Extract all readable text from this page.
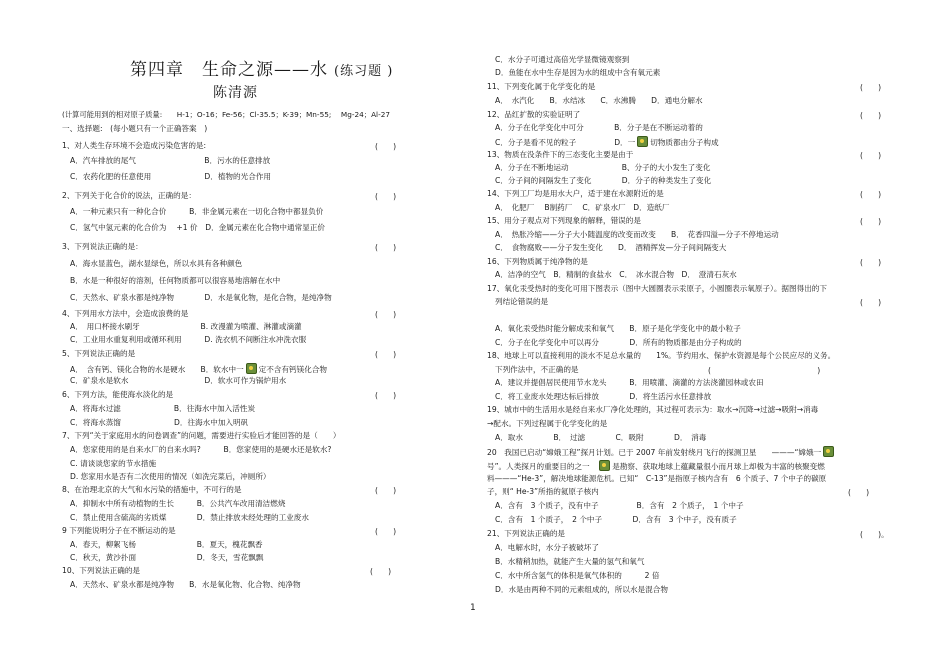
第四章　生命之源——水 (练习题 )
陈清源
(计算可能用到的相对原子质量:　　H-1；O-16；Fe-56；Cl-35.5；K-39；Mn-55;　 Mg-24；Al-27
一、选择题:　(每小题只有一个正确答案　)
1、对人类生存环境不会造成污染危害的是:	(　　)
A．汽车排放的尾气　　　　　　　　　B．污水的任意排放
C．农药化肥的任意使用　　　　　　　D．植物的光合作用
2、下列关于化合价的说法，正确的是：	(　　)
A．一种元素只有一种化合价　　　B．非金属元素在一切化合物中都显负价
C．氢气中氢元素的化合价为　 +1 价　D．金属元素在化合物中通常显正价
3、下列说法正确的是：	(　　)
A．海水显蓝色，湖水显绿色，所以水具有各种颜色
B．水是一种很好的溶剂，任何物质都可以很容易地溶解在水中
C．天然水、矿泉水都是纯净物　　　　D．水是氧化物，是化合物，是纯净物
4、下列用水方法中，会造成浪费的是	(　　)
A．　用口杯接水刷牙　　　　　　　　B. 改漫灌为喷灌、淋灌或滴灌
C．工业用水重复利用或循环利用　　　D. 洗衣机不间断注水冲洗衣服
5、下列说法正确的是	(　　)
A．　含有钙、镁化合物的水是硬水　　B．软水中一 定不含有钙镁化合物
C．矿泉水是软水　　　　　　　　　　D．软水可作为锅炉用水
6、下列方法，能使海水淡化的是	(　　)
A．将海水过滤　　　　　　　B．往海水中加入活性炭
C．将海水蒸馏　　　　　　　D．往海水中加入明矾
7、下列“关于家庭用水的问卷调查”的问题，需要进行实验后才能回答的是（　　）
A．您家使用的是自来水厂的自来水吗?　　　B．您家使用的是硬水还是软水?
C. 请谈谈您家的节水措施
D. 您家用水是否有二次使用的情况（如洗完菜后，冲厕所）
8、在治理北京的大气和水污染的措施中，不可行的是	(　　)
A．抑制水中所有动植物的生长　　　B．公共汽车改用清洁燃烧
C．禁止使用含硫高的劣质煤　　　　D．禁止排放未经处理的工业废水
9 下列能说明分子在不断运动的是	(　　)
A．春天，柳絮飞杨　　　　　　　　B．夏天，槐花飘香
C．秋天，黄沙扑面　　　　　　　　D．冬天，雪花飘飘
10、下列说法正确的是	(　　)
A．天然水、矿泉水都是纯净物　　B．水是氧化物、化合物、纯净物
C．水分子可通过高倍光学显微镜观察到
D．鱼能在水中生存是因为水的组成中含有氧元素
11、下列变化属于化学变化的是	(　　)
A．　水汽化　　B．水结冰　　C．水沸腾　　D．通电分解水
12、品红扩散的实验证明了	(　　)
A．分子在化学变化中可分　　　　B．分子是在不断运动着的
C．分子是看不见的粒子　　　　　D．一 切物质都由分子构成
13、物质在没条件下的三态变化主要是由于	(　　)
A．分子在不断地运动　　　　　　　B、分子的大小发生了变化
C．分子间的间隔发生了变化　　　　D．分子的种类发生了变化
14、下列工厂均是用水大户，适于建在水源附近的是	(　　)
A．　化肥厂　 B制药厂　 C．矿泉水厂　D．造纸厂
15、用分子观点对下列现象的解释，错误的是	(　　)
A．　热胀冷缩——分子大小随温度的改变而改变　　B．　花香四溢—分子不停地运动
C．　食物腐败——分子发生变化　　D．　酒精挥发—分子间间隔变大
16、下列物质属于纯净物的是	(　　)
A．洁净的空气　B．精制的食盐水　C．　冰水混合物　D．　澄清石灰水
17、氧化汞受热时的变化可用下图表示（图中大圆圈表示汞原子，小圆圈表示氧原子）。据图得出的下
列结论错误的是	(　　)
A．氧化汞受热时能分解成汞和氧气　　B．原子是化学变化中的最小粒子
C．分子在化学变化中可以再分　　　　D．所有的物质都是由分子构成的
18、地球上可以直接利用的淡水不足总水量的　　1%。节约用水、保护水资源是每个公民应尽的义务。
下列作法中，不正确的是	(　　　　　　　　　　　　　　)
A．建议并提倡居民使用节水龙头　　　B．用喷灌、滴灌的方法浇灌园林或农田
C．将工业废水处理达标后排放　　　　D．将生活污水任意排放
19、城市中的生活用水是经自来水厂净化处理的，其过程可表示为：取水→沉降→过滤→吸附→消毒
→配水。下列过程属于化学变化的是
A．取水　　　　B．　过滤　　　　C．吸附　　　　D．　消毒
20　我国已启动“嫦娥工程”探月计划。已于 2007 年前发射绕月飞行的探测卫星　　———“嫦娥一
号”。人类探月的重要目的之一　是勘察、获取地球上蕴藏量很小而月球上却极为丰富的核聚变燃
料———“He-3”，解决地球能源危机。已知“　C-13”是指原子核内含有　6 个质子、7 个中子的碳原
子，则“ He-3”所指的氦原子核内	(　　)
A．含有　3 个质子，没有中子　　　　　B．含有　2 个质子，　1 个中子
C．含有　1 个质子，　2 个中子　　　　D．含有　3 个中子，没有质子
21、下列说法正确的是	(　　)。
A．电解水时，水分子被破坏了
B．水精稍加热，就能产生大量的氢气和氧气
C．水中所含氢气的体积是氧气体积的　　　2 倍
D．水是由两种不同的元素组成的，所以水是混合物
1
